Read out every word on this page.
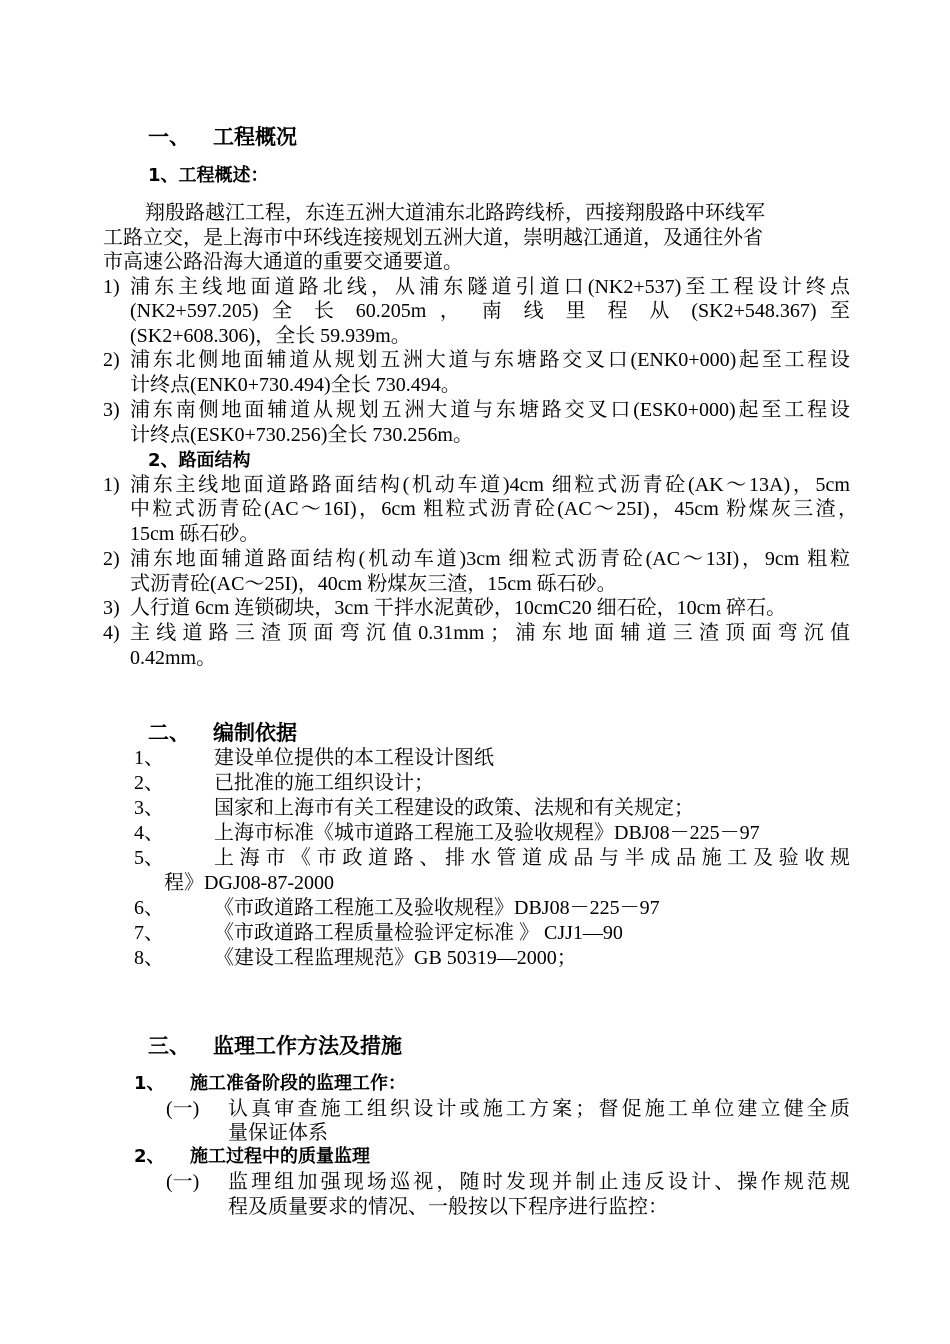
一、 工程概况
1、工程概述：
翔殷路越江工程，东连五洲大道浦东北路跨线桥，西接翔殷路中环线军
工路立交，是上海市中环线连接规划五洲大道，崇明越江通道，及通往外省
市高速公路沿海大通道的重要交通要道。
1) 浦东主线地面道路北线，从浦东隧道引道口(NK2+537)至工程设计终点
(NK2+597.205) 全 长 60.205m ， 南 线 里 程 从 (SK2+548.367) 至
(SK2+608.306)，全长 59.939m。
2) 浦东北侧地面辅道从规划五洲大道与东塘路交叉口(ENK0+000)起至工程设
计终点(ENK0+730.494)全长 730.494。
3) 浦东南侧地面辅道从规划五洲大道与东塘路交叉口(ESK0+000)起至工程设
计终点(ESK0+730.256)全长 730.256m。
2、路面结构
1) 浦东主线地面道路路面结构(机动车道)4cm 细粒式沥青砼(AK～13A)，5cm
中粒式沥青砼(AC～16I)，6cm 粗粒式沥青砼(AC～25I)，45cm 粉煤灰三渣，
15cm 砾石砂。
2) 浦东地面辅道路面结构(机动车道)3cm 细粒式沥青砼(AC～13I)，9cm 粗粒
式沥青砼(AC～25I)，40cm 粉煤灰三渣，15cm 砾石砂。
3) 人行道 6cm 连锁砌块，3cm 干拌水泥黄砂，10cmC20 细石砼，10cm 碎石。
4) 主 线 道 路 三 渣 顶 面 弯 沉 值 0.31mm ； 浦 东 地 面 辅 道 三 渣 顶 面 弯 沉 值
0.42mm。
二、 编制依据
1、	建设单位提供的本工程设计图纸
2、	已批准的施工组织设计；
3、	国家和上海市有关工程建设的政策、法规和有关规定；
4、	上海市标准《城市道路工程施工及验收规程》DBJ08－225－97
5、	上 海 市 《 市 政 道 路 、 排 水 管 道 成 品 与 半 成 品 施 工 及 验 收 规
程》DGJ08-87-2000
6、	《市政道路工程施工及验收规程》DBJ08－225－97
7、	《市政道路工程质量检验评定标准 》 CJJ1—90
8、	《建设工程监理规范》GB 50319—2000；
三、 监理工作方法及措施
1、 施工准备阶段的监理工作：
(一) 认真审查施工组织设计或施工方案；督促施工单位建立健全质
量保证体系
2、 施工过程中的质量监理
(一) 监理组加强现场巡视，随时发现并制止违反设计、操作规范规
程及质量要求的情况、一般按以下程序进行监控：
